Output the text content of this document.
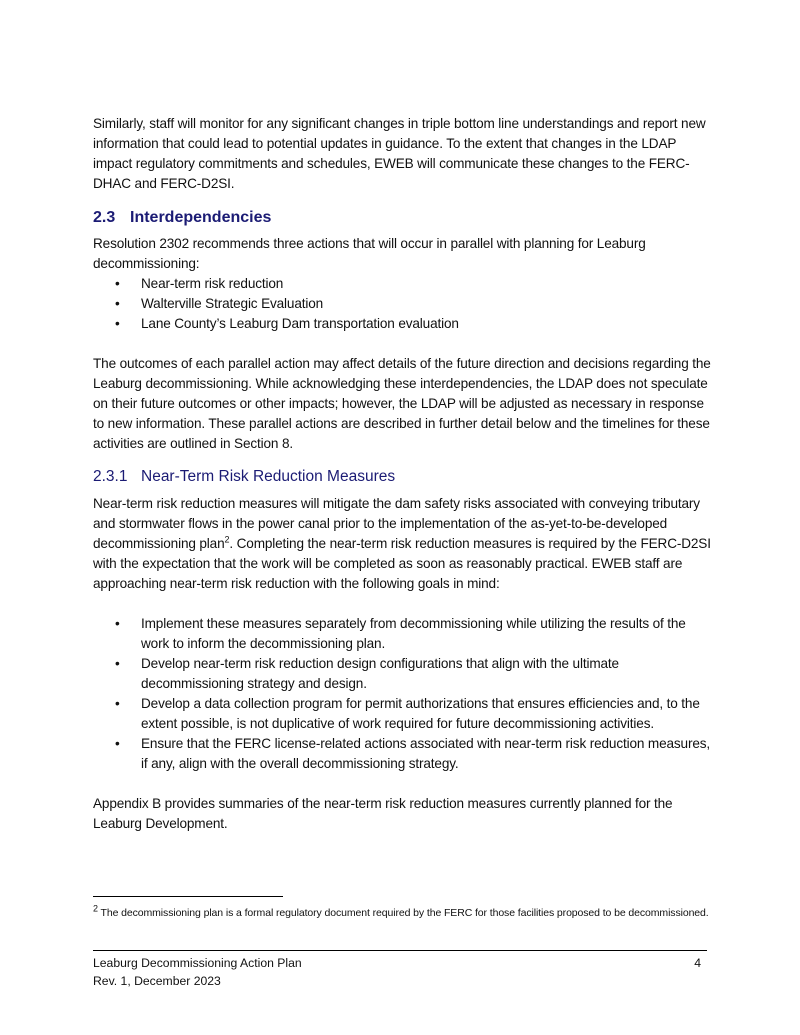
Similarly, staff will monitor for any significant changes in triple bottom line understandings and report new information that could lead to potential updates in guidance. To the extent that changes in the LDAP impact regulatory commitments and schedules, EWEB will communicate these changes to the FERC-DHAC and FERC-D2SI.

2.3 Interdependencies

Resolution 2302 recommends three actions that will occur in parallel with planning for Leaburg decommissioning:

• Near-term risk reduction
• Walterville Strategic Evaluation
• Lane County’s Leaburg Dam transportation evaluation

The outcomes of each parallel action may affect details of the future direction and decisions regarding the Leaburg decommissioning. While acknowledging these interdependencies, the LDAP does not speculate on their future outcomes or other impacts; however, the LDAP will be adjusted as necessary in response to new information. These parallel actions are described in further detail below and the timelines for these activities are outlined in Section 8.

2.3.1 Near-Term Risk Reduction Measures

Near-term risk reduction measures will mitigate the dam safety risks associated with conveying tributary and stormwater flows in the power canal prior to the implementation of the as-yet-to-be-developed decommissioning plan$^2$. Completing the near-term risk reduction measures is required by the FERC-D2SI with the expectation that the work will be completed as soon as reasonably practical. EWEB staff are approaching near-term risk reduction with the following goals in mind:

• Implement these measures separately from decommissioning while utilizing the results of the work to inform the decommissioning plan.
• Develop near-term risk reduction design configurations that align with the ultimate decommissioning strategy and design.
• Develop a data collection program for permit authorizations that ensures efficiencies and, to the extent possible, is not duplicative of work required for future decommissioning activities.
• Ensure that the FERC license-related actions associated with near-term risk reduction measures, if any, align with the overall decommissioning strategy.

Appendix B provides summaries of the near-term risk reduction measures currently planned for the Leaburg Development.

$^2$ The decommissioning plan is a formal regulatory document required by the FERC for those facilities proposed to be decommissioned.
Leaburg Decommissioning Action Plan
Rev. 1, December 2023
4
